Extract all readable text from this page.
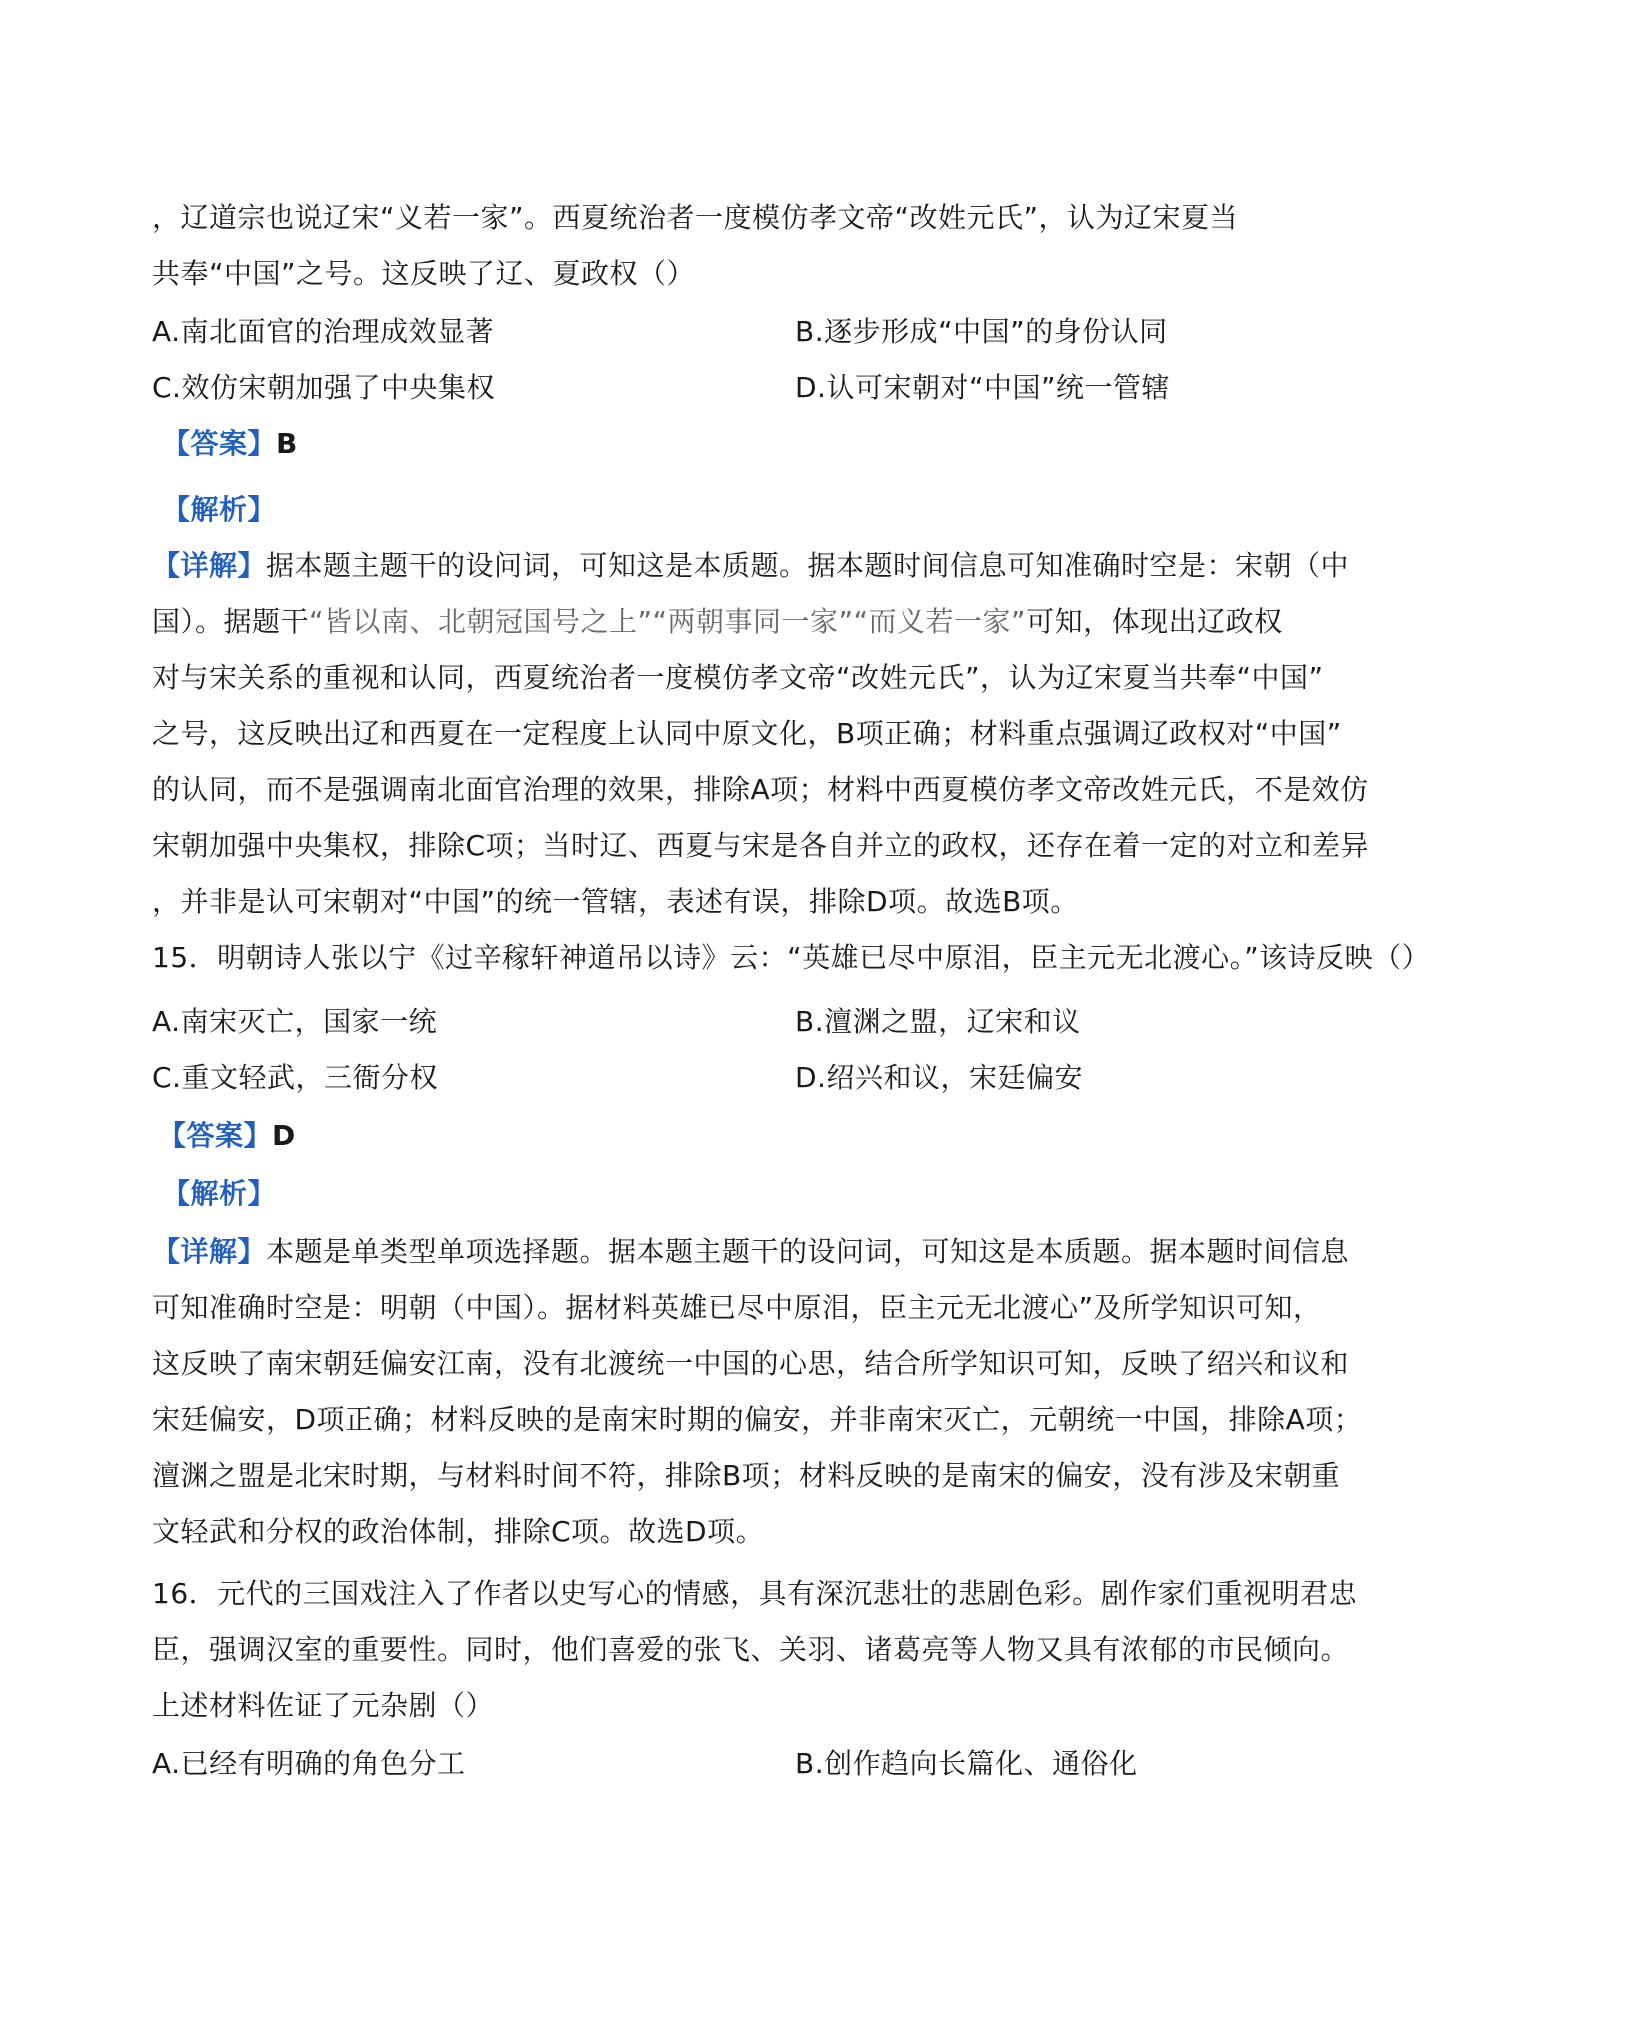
，辽道宗也说辽宋“义若一家”。西夏统治者一度模仿孝文帝“改姓元氏”，认为辽宋夏当
共奉“中国”之号。这反映了辽、夏政权（）
A.南北面官的治理成效显著	B.逐步形成“中国”的身份认同
C.效仿宋朝加强了中央集权	D.认可宋朝对“中国”统一管辖
【答案】B
【解析】
【详解】据本题主题干的设问词，可知这是本质题。据本题时间信息可知准确时空是：宋朝（中
国）。据题干“皆以南、北朝冠国号之上”“两朝事同一家”“而义若一家”可知，体现出辽政权
对与宋关系的重视和认同，西夏统治者一度模仿孝文帝“改姓元氏”，认为辽宋夏当共奉“中国”
之号，这反映出辽和西夏在一定程度上认同中原文化，B项正确；材料重点强调辽政权对“中国”
的认同，而不是强调南北面官治理的效果，排除A项；材料中西夏模仿孝文帝改姓元氏，不是效仿
宋朝加强中央集权，排除C项；当时辽、西夏与宋是各自并立的政权，还存在着一定的对立和差异
，并非是认可宋朝对“中国”的统一管辖，表述有误，排除D项。故选B项。
15．明朝诗人张以宁《过辛稼轩神道吊以诗》云：“英雄已尽中原泪，臣主元无北渡心。”该诗反映（）
A.南宋灭亡，国家一统	B.澶渊之盟，辽宋和议
C.重文轻武，三衙分权	D.绍兴和议，宋廷偏安
【答案】D
【解析】
【详解】本题是单类型单项选择题。据本题主题干的设问词，可知这是本质题。据本题时间信息
可知准确时空是：明朝（中国）。据材料英雄已尽中原泪，臣主元无北渡心”及所学知识可知，
这反映了南宋朝廷偏安江南，没有北渡统一中国的心思，结合所学知识可知，反映了绍兴和议和
宋廷偏安，D项正确；材料反映的是南宋时期的偏安，并非南宋灭亡，元朝统一中国，排除A项；
澶渊之盟是北宋时期，与材料时间不符，排除B项；材料反映的是南宋的偏安，没有涉及宋朝重
文轻武和分权的政治体制，排除C项。故选D项。
16．元代的三国戏注入了作者以史写心的情感，具有深沉悲壮的悲剧色彩。剧作家们重视明君忠
臣，强调汉室的重要性。同时，他们喜爱的张飞、关羽、诸葛亮等人物又具有浓郁的市民倾向。
上述材料佐证了元杂剧（）
A.已经有明确的角色分工	B.创作趋向长篇化、通俗化
